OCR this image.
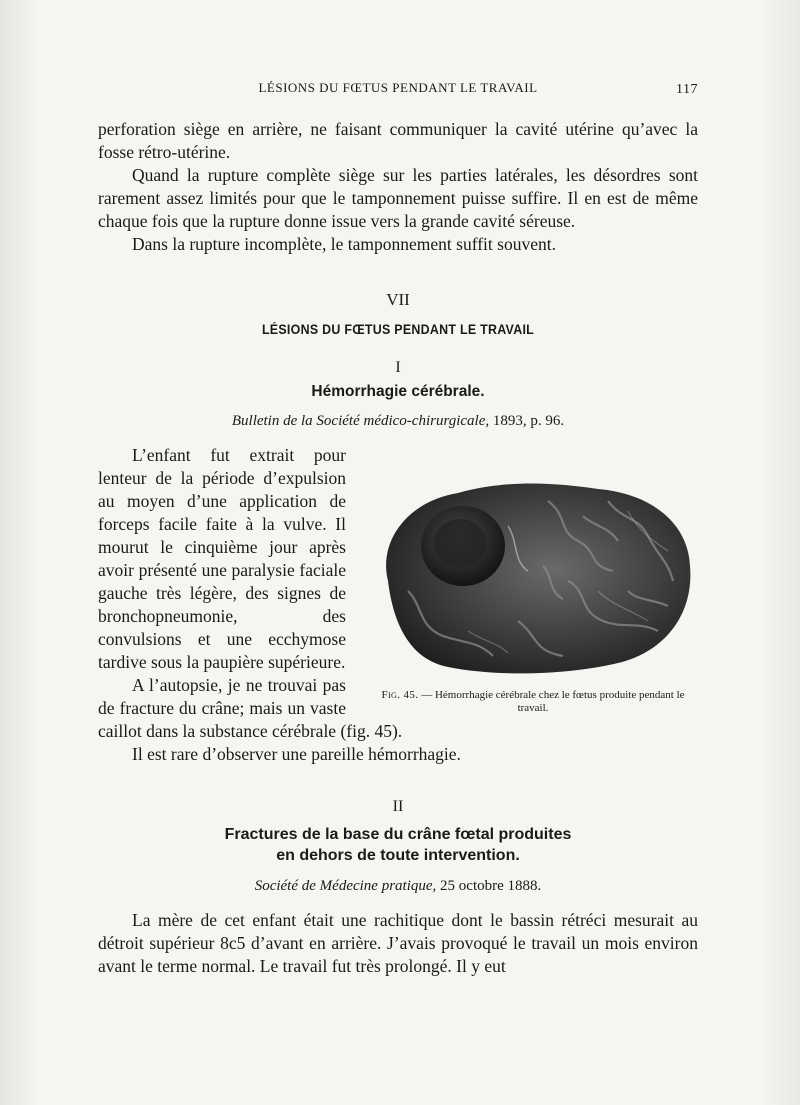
LÉSIONS DU FŒTUS PENDANT LE TRAVAIL	117

perforation siège en arrière, ne faisant communiquer la cavité utérine qu’avec la fosse rétro-utérine.

Quand la rupture complète siège sur les parties latérales, les désordres sont rarement assez limités pour que le tamponnement puisse suffire. Il en est de même chaque fois que la rupture donne issue vers la grande cavité séreuse.

Dans la rupture incomplète, le tamponnement suffit souvent.

VII
LÉSIONS DU FŒTUS PENDANT LE TRAVAIL
I
Hémorrhagie cérébrale.
Bulletin de la Société médico-chirurgicale, 1893, p. 96.
Fig. 45. — Hémorrhagie cérébrale chez le fœtus produite pendant le travail.

L’enfant fut extrait pour lenteur de la période d’expulsion au moyen d’une application de forceps facile faite à la vulve. Il mourut le cinquième jour après avoir présenté une paralysie faciale gauche très légère, des signes de bronchopneumonie, des convulsions et une ecchymose tardive sous la paupière supérieure.

A l’autopsie, je ne trouvai pas de fracture du crâne; mais un vaste caillot dans la substance cérébrale (fig. 45).

Il est rare d’observer une pareille hémorrhagie.

II
Fractures de la base du crâne fœtal produites
en dehors de toute intervention.
Société de Médecine pratique, 25 octobre 1888.

La mère de cet enfant était une rachitique dont le bassin rétréci mesurait au détroit supérieur 8c5 d’avant en arrière. J’avais provoqué le travail un mois environ avant le terme normal. Le travail fut très prolongé. Il y eut
